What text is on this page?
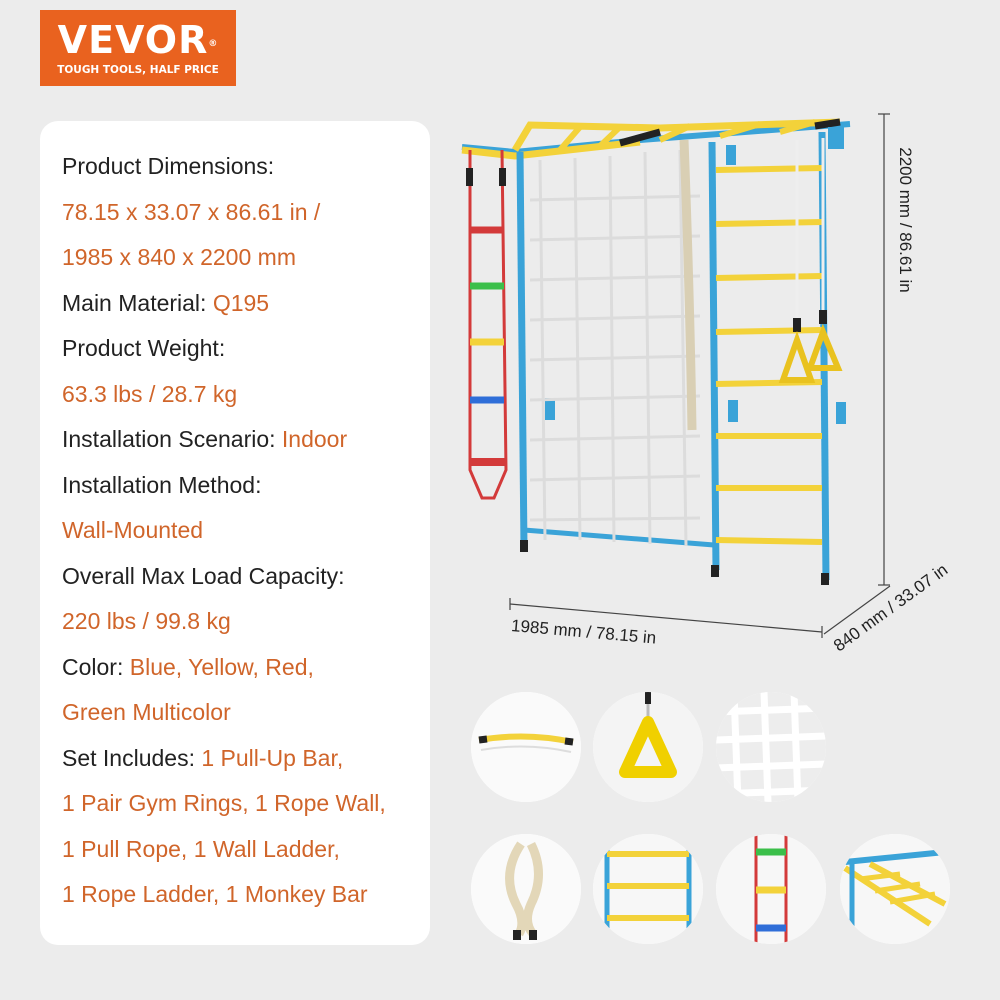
VEVOR®
TOUGH TOOLS, HALF PRICE
Product Dimensions:
78.15 x 33.07 x 86.61 in /
1985 x 840 x 2200 mm
Main Material: Q195
Product Weight:
63.3 lbs / 28.7 kg
Installation Scenario: Indoor
Installation Method:
Wall-Mounted
Overall Max Load Capacity:
220 lbs / 99.8 kg
Color: Blue, Yellow, Red,
Green Multicolor
Set Includes: 1 Pull-Up Bar,
1 Pair Gym Rings, 1 Rope Wall,
1 Pull Rope, 1 Wall Ladder,
1 Rope Ladder, 1 Monkey Bar
2200 mm / 86.61 in
1985 mm / 78.15 in	840 mm / 33.07 in
